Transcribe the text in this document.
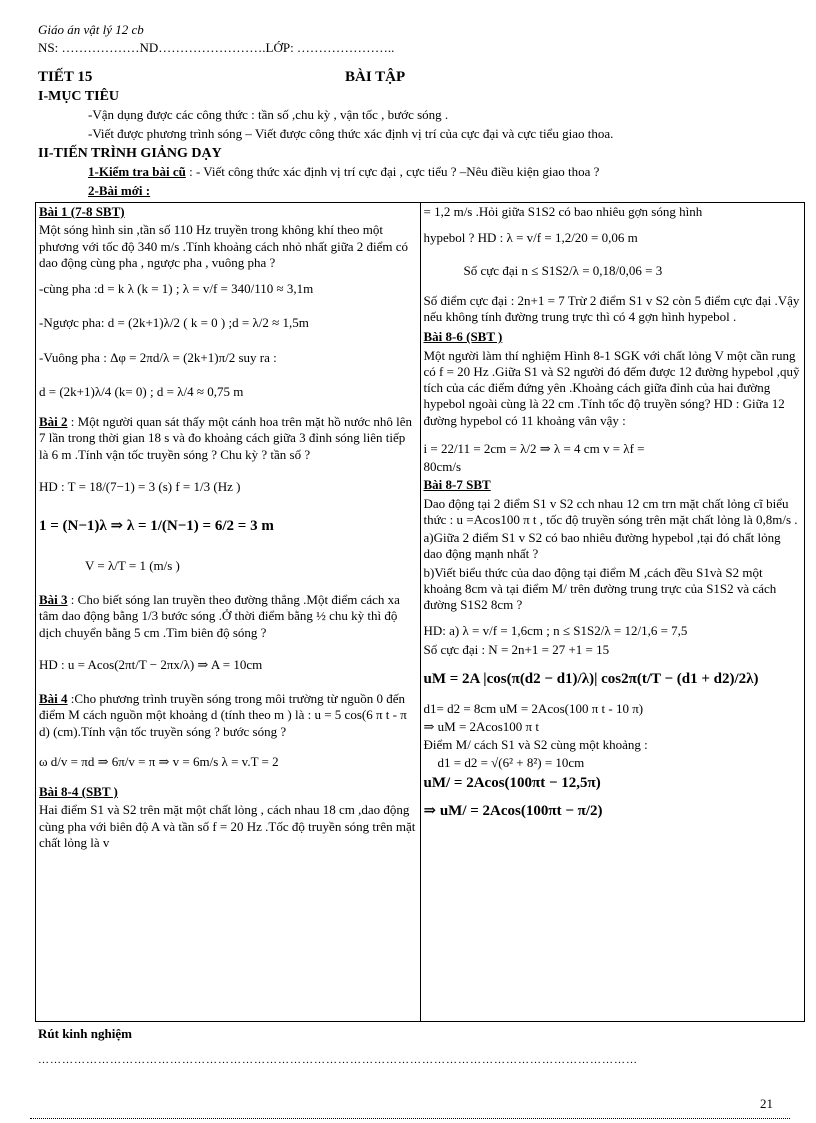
Giáo án vật lý 12 cb
NS: ………………ND…………………….LỚP: …………………..
TIẾT 15	BÀI TẬP
I-MỤC TIÊU
-Vận dụng được các công thức : tần số ,chu kỳ , vận tốc , bước sóng .
-Viết được phương trình sóng – Viết được công thức xác định vị trí của cực đại và cực tiểu giao thoa.
II-TIẾN TRÌNH GIẢNG DẠY
1-Kiểm tra bài cũ : - Viết công thức xác định vị trí cực đại , cực tiểu ? –Nêu điều kiện giao thoa ?
2-Bài mới :

Bài 1 (7-8 SBT)

Một sóng hình sin ,tần số 110 Hz truyền trong không khí theo một phương với tốc độ 340 m/s .Tính khoảng cách nhỏ nhất giữa 2 điểm có dao động cùng pha , ngược pha , vuông pha ?

-cùng pha :d = k λ (k = 1) ; λ = v/f = 340/110 ≈ 3,1m

-Ngược pha: d = (2k+1)λ/2 ( k = 0 ) ;d = λ/2 ≈ 1,5m

-Vuông pha : Δφ = 2πd/λ = (2k+1)π/2 suy ra :

d = (2k+1)λ/4 (k= 0) ; d = λ/4 ≈ 0,75 m

Bài 2 : Một người quan sát thấy một cánh hoa trên mặt hồ nước nhô lên 7 lần trong thời gian 18 s và đo khoảng cách giữa 3 đỉnh sóng liên tiếp là 6 m .Tính vận tốc truyền sóng ? Chu kỳ ? tần số ?

HD : T = 18/(7−1) = 3 (s) f = 1/3 (Hz )

1 = (N−1)λ ⇒ λ = 1/(N−1) = 6/2 = 3 m

V = λ/T = 1 (m/s )

Bài 3 : Cho biết sóng lan truyền theo đường thẳng .Một điểm cách xa tâm dao động bằng 1/3 bước sóng .Ở thời điểm bằng ½ chu kỳ thì độ dịch chuyển bằng 5 cm .Tìm biên độ sóng ?

HD : u = Acos(2πt/T − 2πx/λ) ⇒ A = 10cm

Bài 4 :Cho phương trình truyền sóng trong môi trường từ nguồn 0 đến điểm M cách nguồn một khoảng d (tính theo m ) là : u = 5 cos(6 π t - π d) (cm).Tính vận tốc truyền sóng ? bước sóng ?

ω d/v = πd ⇒ 6π/v = π ⇒ v = 6m/s λ = v.T = 2

Bài 8-4 (SBT )

Hai điểm S1 và S2 trên mặt một chất lỏng , cách nhau 18 cm ,dao động cùng pha với biên độ A và tần số f = 20 Hz .Tốc độ truyền sóng trên mặt chất lỏng là v

= 1,2 m/s .Hỏi giữa S1S2 có bao nhiêu gợn sóng hình

hypebol ? HD : λ = v/f = 1,2/20 = 0,06 m

Số cực đại n ≤ S1S2/λ = 0,18/0,06 = 3

Số điểm cực đại : 2n+1 = 7 Trừ 2 điểm S1 v S2 còn 5 điểm cực đại .Vậy nếu không tính đường trung trực thì có 4 gợn hình hypebol .

Bài 8-6 (SBT )

Một người làm thí nghiệm Hình 8-1 SGK với chất lỏng V một cần rung có f = 20 Hz .Giữa S1 và S2 người đó đếm được 12 đường hypebol ,quỹ tích của các điểm đứng yên .Khoảng cách giữa đỉnh của hai đường hypebol ngoài cùng là 22 cm .Tính tốc độ truyền sóng? HD : Giữa 12 đường hypebol có 11 khoảng vân vậy :

i = 22/11 = 2cm = λ/2 ⇒ λ = 4 cm v = λf =

80cm/s

Bài 8-7 SBT

Dao động tại 2 điểm S1 v S2 cch nhau 12 cm trn mặt chất lỏng cĩ biểu thức : u =Acos100 π t , tốc độ truyền sóng trên mặt chất lỏng là 0,8m/s .

a)Giữa 2 điểm S1 v S2 có bao nhiêu đường hypebol ,tại đó chất lỏng dao động mạnh nhất ?

b)Viết biểu thức của dao động tại điểm M ,cách đều S1và S2 một khoảng 8cm và tại điểm M/ trên đường trung trực của S1S2 và cách đường S1S2 8cm ?

HD: a) λ = v/f = 1,6cm ; n ≤ S1S2/λ = 12/1,6 = 7,5

Số cực đại : N = 2n+1 = 27 +1 = 15

uM = 2A |cos(π(d2 − d1)/λ)| cos2π(t/T − (d1 + d2)/2λ)

d1= d2 = 8cm uM = 2Acos(100 π t - 10 π)

⇒ uM = 2Acos100 π t

Điểm M/ cách S1 và S2 cùng một khoảng :

d1 = d2 = √(6² + 8²) = 10cm

uM/ = 2Acos(100πt − 12,5π)

⇒ uM/ = 2Acos(100πt − π/2)

Rút kinh nghiệm
……………………………………………………………………………………………………………………………………
21
